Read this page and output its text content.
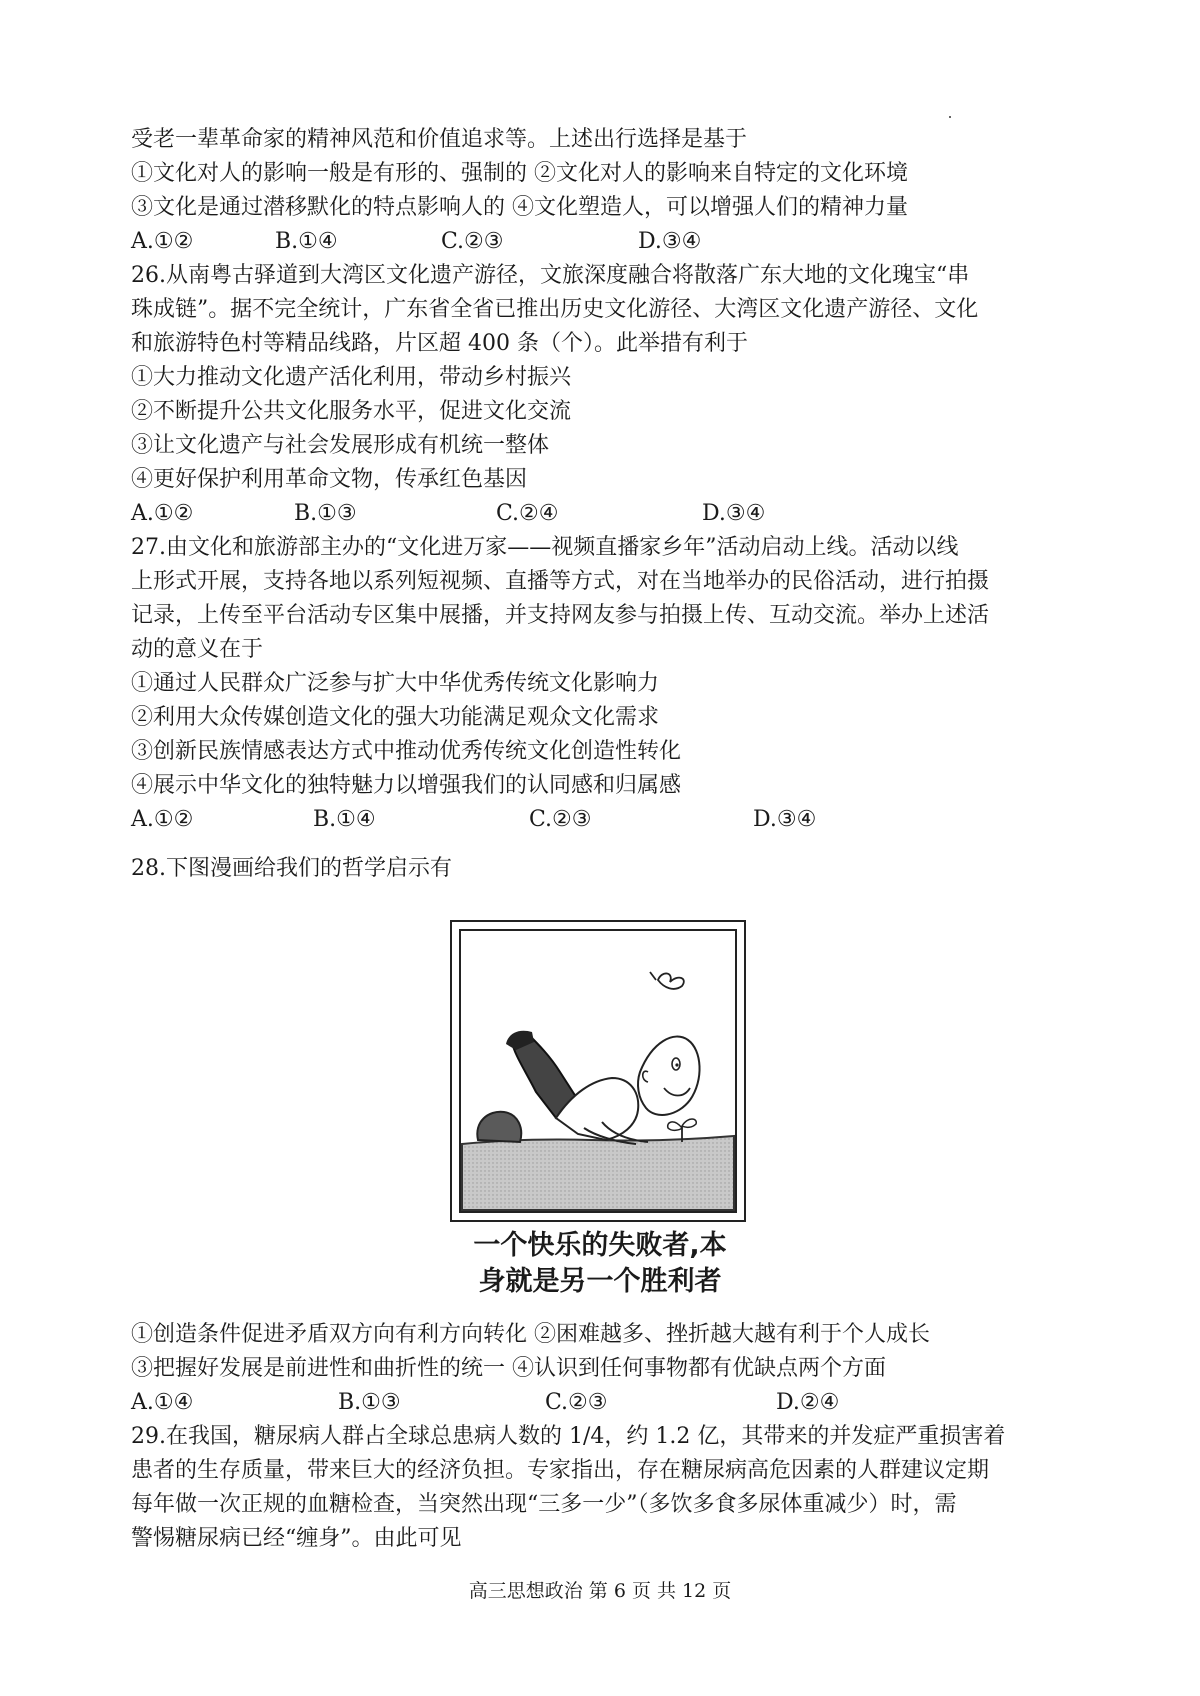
受老一辈革命家的精神风范和价值追求等。上述出行选择是基于
①文化对人的影响一般是有形的、强制的 ②文化对人的影响来自特定的文化环境
③文化是通过潜移默化的特点影响人的 ④文化塑造人，可以增强人们的精神力量
A.①②	B.①④	C.②③	D.③④
26.从南粤古驿道到大湾区文化遗产游径，文旅深度融合将散落广东大地的文化瑰宝“串
珠成链”。据不完全统计，广东省全省已推出历史文化游径、大湾区文化遗产游径、文化
和旅游特色村等精品线路，片区超 400 条（个）。此举措有利于
①大力推动文化遗产活化利用，带动乡村振兴
②不断提升公共文化服务水平，促进文化交流
③让文化遗产与社会发展形成有机统一整体
④更好保护利用革命文物，传承红色基因
A.①②	B.①③	C.②④	D.③④
27.由文化和旅游部主办的“文化进万家——视频直播家乡年”活动启动上线。活动以线
上形式开展，支持各地以系列短视频、直播等方式，对在当地举办的民俗活动，进行拍摄
记录，上传至平台活动专区集中展播，并支持网友参与拍摄上传、互动交流。举办上述活
动的意义在于
①通过人民群众广泛参与扩大中华优秀传统文化影响力
②利用大众传媒创造文化的强大功能满足观众文化需求
③创新民族情感表达方式中推动优秀传统文化创造性转化
④展示中华文化的独特魅力以增强我们的认同感和归属感
A.①②	B.①④	C.②③	D.③④
28.下图漫画给我们的哲学启示有
一个快乐的失败者,本
身就是另一个胜利者
①创造条件促进矛盾双方向有利方向转化 ②困难越多、挫折越大越有利于个人成长
③把握好发展是前进性和曲折性的统一 ④认识到任何事物都有优缺点两个方面
A.①④	B.①③	C.②③	D.②④
29.在我国，糖尿病人群占全球总患病人数的 1/4，约 1.2 亿，其带来的并发症严重损害着
患者的生存质量，带来巨大的经济负担。专家指出，存在糖尿病高危因素的人群建议定期
每年做一次正规的血糖检查，当突然出现“三多一少”（多饮多食多尿体重减少）时，需
警惕糖尿病已经“缠身”。由此可见
高三思想政治 第 6 页 共 12 页
